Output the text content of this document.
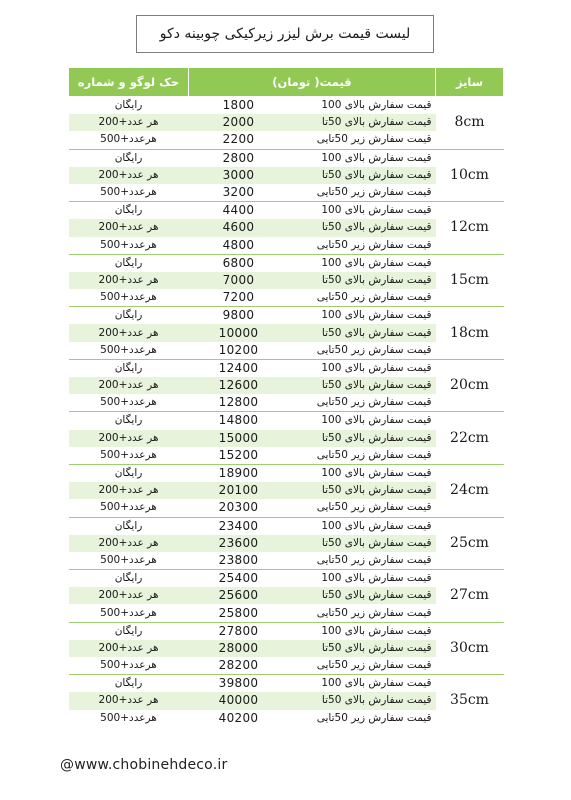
لیست قیمت برش لیزر زیرکیکی چوبینه دکو
سایز	قیمت( تومان)		حک لوگو و شماره
8cm	قیمت سفارش بالای 100	1800	رایگان
	قیمت سفارش بالای 50تا	2000	هر عدد+200
	قیمت سفارش زیر 50تایی	2200	هرعدد+500
10cm	قیمت سفارش بالای 100	2800	رایگان
	قیمت سفارش بالای 50تا	3000	هر عدد+200
	قیمت سفارش زیر 50تایی	3200	هرعدد+500
12cm	قیمت سفارش بالای 100	4400	رایگان
	قیمت سفارش بالای 50تا	4600	هر عدد+200
	قیمت سفارش زیر 50تایی	4800	هرعدد+500
15cm	قیمت سفارش بالای 100	6800	رایگان
	قیمت سفارش بالای 50تا	7000	هر عدد+200
	قیمت سفارش زیر 50تایی	7200	هرعدد+500
18cm	قیمت سفارش بالای 100	9800	رایگان
	قیمت سفارش بالای 50تا	10000	هر عدد+200
	قیمت سفارش زیر 50تایی	10200	هرعدد+500
20cm	قیمت سفارش بالای 100	12400	رایگان
	قیمت سفارش بالای 50تا	12600	هر عدد+200
	قیمت سفارش زیر 50تایی	12800	هرعدد+500
22cm	قیمت سفارش بالای 100	14800	رایگان
	قیمت سفارش بالای 50تا	15000	هر عدد+200
	قیمت سفارش زیر 50تایی	15200	هرعدد+500
24cm	قیمت سفارش بالای 100	18900	رایگان
	قیمت سفارش بالای 50تا	20100	هر عدد+200
	قیمت سفارش زیر 50تایی	20300	هرعدد+500
25cm	قیمت سفارش بالای 100	23400	رایگان
	قیمت سفارش بالای 50تا	23600	هر عدد+200
	قیمت سفارش زیر 50تایی	23800	هرعدد+500
27cm	قیمت سفارش بالای 100	25400	رایگان
	قیمت سفارش بالای 50تا	25600	هر عدد+200
	قیمت سفارش زیر 50تایی	25800	هرعدد+500
30cm	قیمت سفارش بالای 100	27800	رایگان
	قیمت سفارش بالای 50تا	28000	هر عدد+200
	قیمت سفارش زیر 50تایی	28200	هرعدد+500
35cm	قیمت سفارش بالای 100	39800	رایگان
	قیمت سفارش بالای 50تا	40000	هر عدد+200
	قیمت سفارش زیر 50تایی	40200	هرعدد+500
@www.chobinehdeco.ir
